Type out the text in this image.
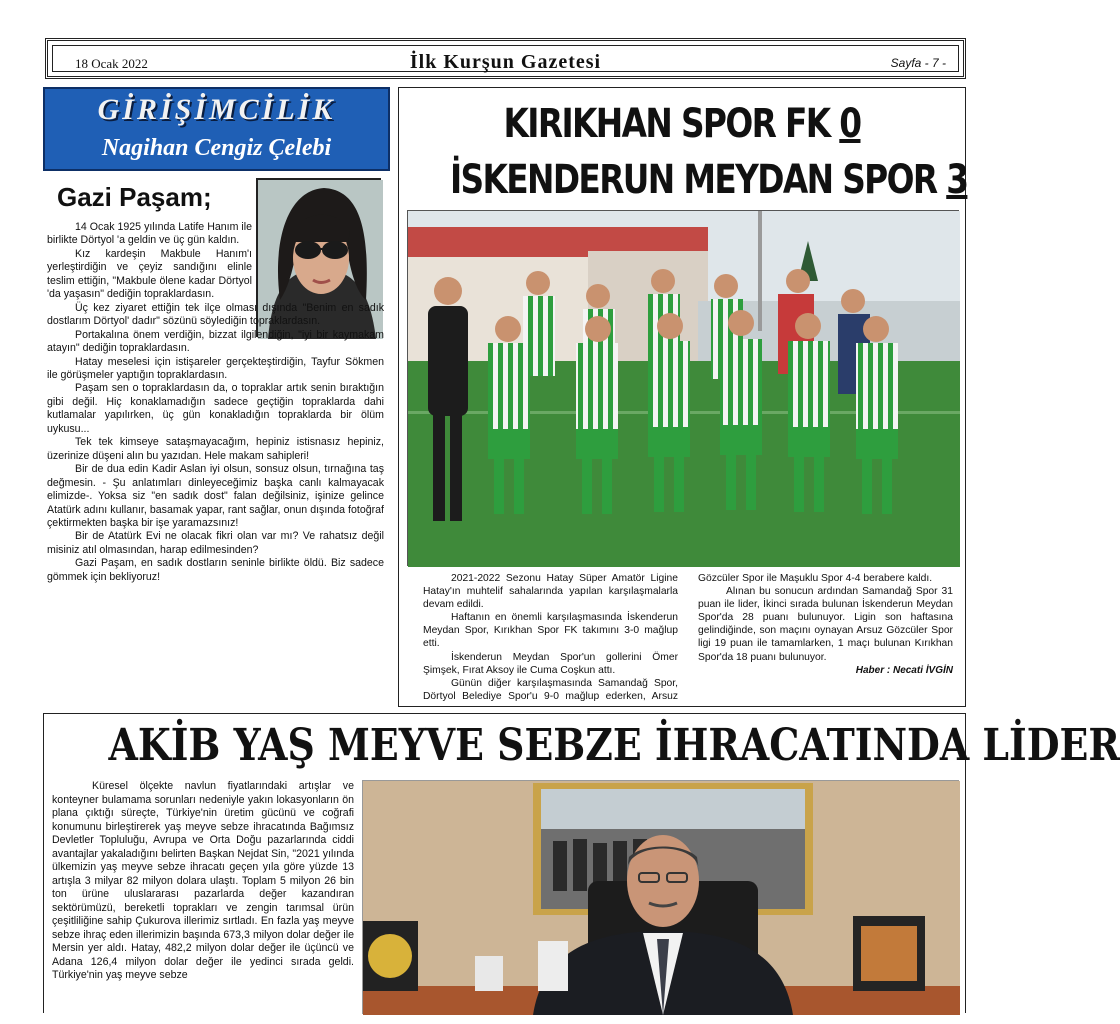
18 Ocak 2022	İlk Kurşun Gazetesi	Sayfa - 7 -
GİRİŞİMCİLİK
Nagihan Cengiz Çelebi
Gazi Paşam;

14 Ocak 1925 yılında Latife Hanım ile birlikte Dörtyol 'a geldin ve üç gün kaldın.

Kız kardeşin Makbule Hanım'ı yerleştirdiğin ve çeyiz sandığını elinle teslim ettiğin, "Makbule ölene kadar Dörtyol 'da yaşasın" dediğin topraklardasın.

Üç kez ziyaret ettiğin tek ilçe olması dışında "Benim en sadık dostlarım Dörtyol' dadır" sözünü söylediğin topraklardasın.

Portakalına önem verdiğin, bizzat ilgilendiğin, "iyi bir kaymakam atayın" dediğin topraklardasın.

Hatay meselesi için istişareler gerçekteştirdiğin, Tayfur Sökmen ile görüşmeler yaptığın topraklardasın.

Paşam sen o topraklardasın da, o topraklar artık senin bıraktığın gibi değil. Hiç konaklamadığın sadece geçtiğin topraklarda dahi kutlamalar yapılırken, üç gün konakladığın topraklarda bir ölüm uykusu...

Tek tek kimseye sataşmayacağım, hepiniz istisnasız hepiniz, üzerinize düşeni alın bu yazıdan. Hele makam sahipleri!

Bir de dua edin Kadir Aslan iyi olsun, sonsuz olsun, tırnağına taş değmesin. - Şu anlatımları dinleyeceğimiz başka canlı kalmayacak elimizde-. Yoksa siz "en sadık dost" falan değilsiniz, işinize gelince Atatürk adını kullanır, basamak yapar, rant sağlar, onun dışında fotoğraf çektirmekten başka bir işe yaramazsınız!

Bir de Atatürk Evi ne olacak fikri olan var mı? Ve rahatsız değil misiniz atıl olmasından, harap edilmesinden?

Gazi Paşam, en sadık dostların seninle birlikte öldü. Biz sadece gömmek için bekliyoruz!

KIRIKHAN SPOR FK 0
İSKENDERUN MEYDAN SPOR 3

2021-2022 Sezonu Hatay Süper Amatör Ligine Hatay'ın muhtelif sahalarında yapılan karşılaşmalarla devam edildi.

Haftanın en önemli karşılaşmasında İskenderun Meydan Spor, Kırıkhan Spor FK takımını 3-0 mağlup etti.

İskenderun Meydan Spor'un gollerini Ömer Şimşek, Fırat Aksoy ile Cuma Coşkun attı.

Günün diğer karşılaşmasında Samandağ Spor, Dörtyol Belediye Spor'u 9-0 mağlup ederken, Arsuz Gözcüler Spor ile Maşuklu Spor 4-4 berabere kaldı.

Alınan bu sonucun ardından Samandağ Spor 31 puan ile lider, İkinci sırada bulunan İskenderun Meydan Spor'da 28 puanı bulunuyor. Ligin son haftasına gelindiğinde, son maçını oynayan Arsuz Gözcüler Spor ligi 19 puan ile tamamlarken, 1 maçı bulunan Kırıkhan Spor'da 18 puanı bulunuyor.

Haber : Necati İVGİN
AKİB YAŞ MEYVE SEBZE İHRACATINDA LİDER

Küresel ölçekte navlun fiyatlarındaki artışlar ve konteyner bulamama sorunları nedeniyle yakın lokasyonların ön plana çıktığı süreçte, Türkiye'nin üretim gücünü ve coğrafi konumunu birleştirerek yaş meyve sebze ihracatında Bağımsız Devletler Topluluğu, Avrupa ve Orta Doğu pazarlarında ciddi avantajlar yakaladığını belirten Başkan Nejdat Sin, "2021 yılında ülkemizin yaş meyve sebze ihracatı geçen yıla göre yüzde 13 artışla 3 milyar 82 milyon dolara ulaştı. Toplam 5 milyon 26 bin ton ürüne uluslararası pazarlarda değer kazandıran sektörümüzü, bereketli toprakları ve zengin tarımsal ürün çeşitliliğine sahip Çukurova illerimiz sırtladı. En fazla yaş meyve sebze ihraç eden illerimizin başında 673,3 milyon dolar değer ile Mersin yer aldı. Hatay, 482,2 milyon dolar değer ile üçüncü ve Adana 126,4 milyon dolar değer ile yedinci sırada geldi. Türkiye'nin yaş meyve sebze
